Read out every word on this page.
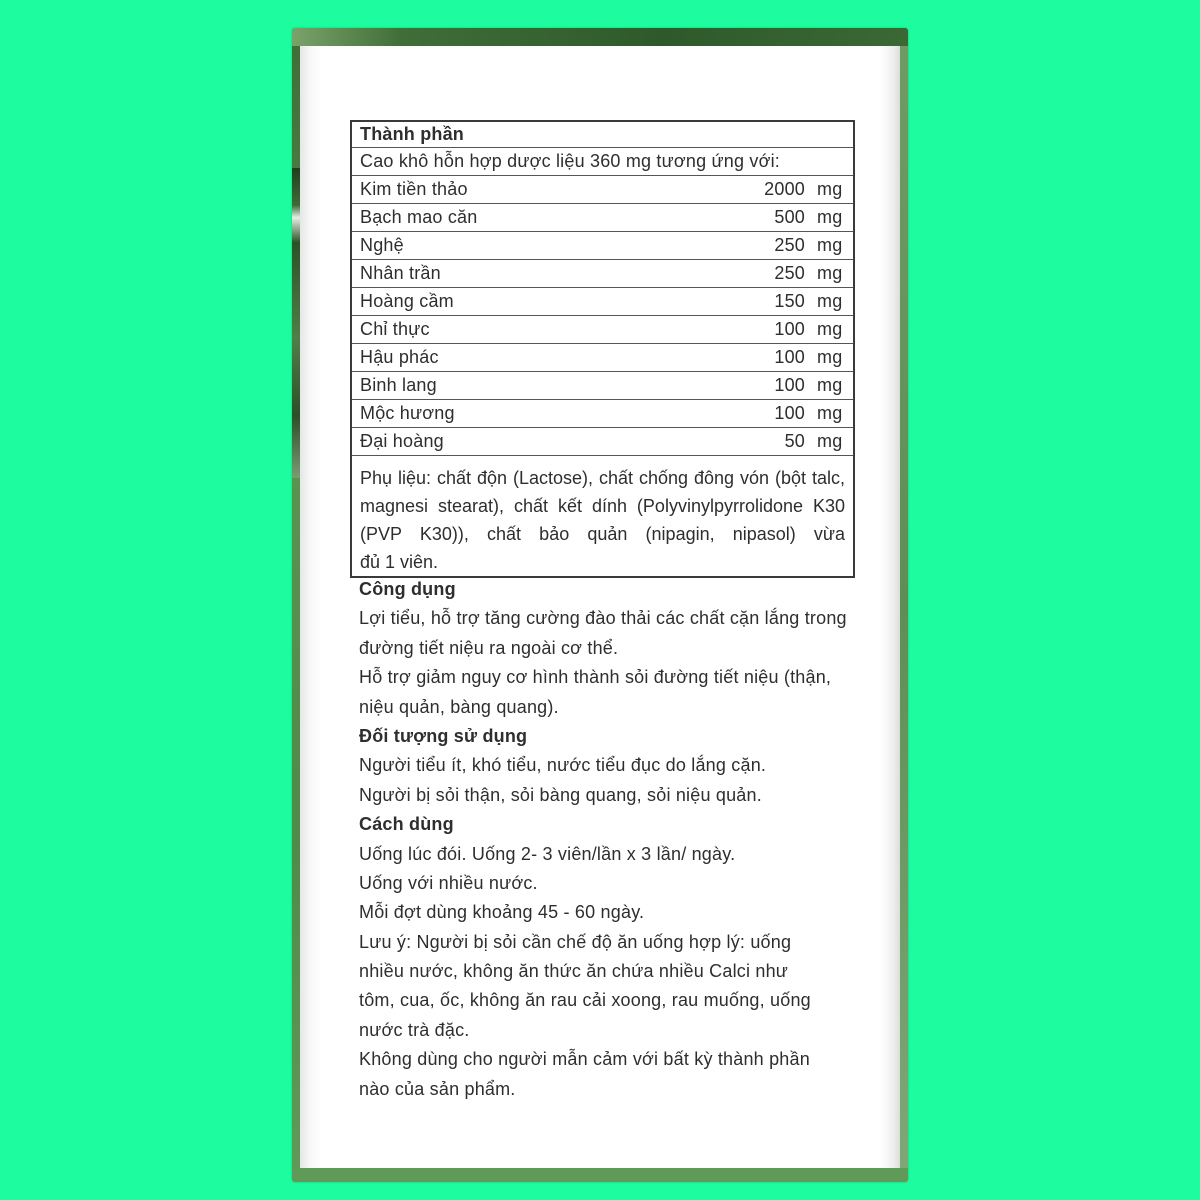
Thành phần
Cao khô hỗn hợp dược liệu 360 mg tương ứng với:
Kim tiền thảo	2000 mg
Bạch mao căn	500 mg
Nghệ	250 mg
Nhân trần	250 mg
Hoàng cầm	150 mg
Chỉ thực	100 mg
Hậu phác	100 mg
Binh lang	100 mg
Mộc hương	100 mg
Đại hoàng	50 mg
Phụ liệu: chất độn (Lactose), chất chống đông vón (bột talc,
magnesi stearat), chất kết dính (Polyvinylpyrrolidone K30
(PVP K30)), chất bảo quản (nipagin, nipasol) vừa
đủ 1 viên.
Công dụng
Lợi tiểu, hỗ trợ tăng cường đào thải các chất cặn lắng trong
đường tiết niệu ra ngoài cơ thể.
Hỗ trợ giảm nguy cơ hình thành sỏi đường tiết niệu (thận,
niệu quản, bàng quang).
Đối tượng sử dụng
Người tiểu ít, khó tiểu, nước tiểu đục do lắng cặn.
Người bị sỏi thận, sỏi bàng quang, sỏi niệu quản.
Cách dùng
Uống lúc đói. Uống 2- 3 viên/lần x 3 lần/ ngày.
Uống với nhiều nước.
Mỗi đợt dùng khoảng 45 - 60 ngày.
Lưu ý: Người bị sỏi cần chế độ ăn uống hợp lý: uống
nhiều nước, không ăn thức ăn chứa nhiều Calci như
tôm, cua, ốc, không ăn rau cải xoong, rau muống, uống
nước trà đặc.
Không dùng cho người mẫn cảm với bất kỳ thành phần
nào của sản phẩm.
